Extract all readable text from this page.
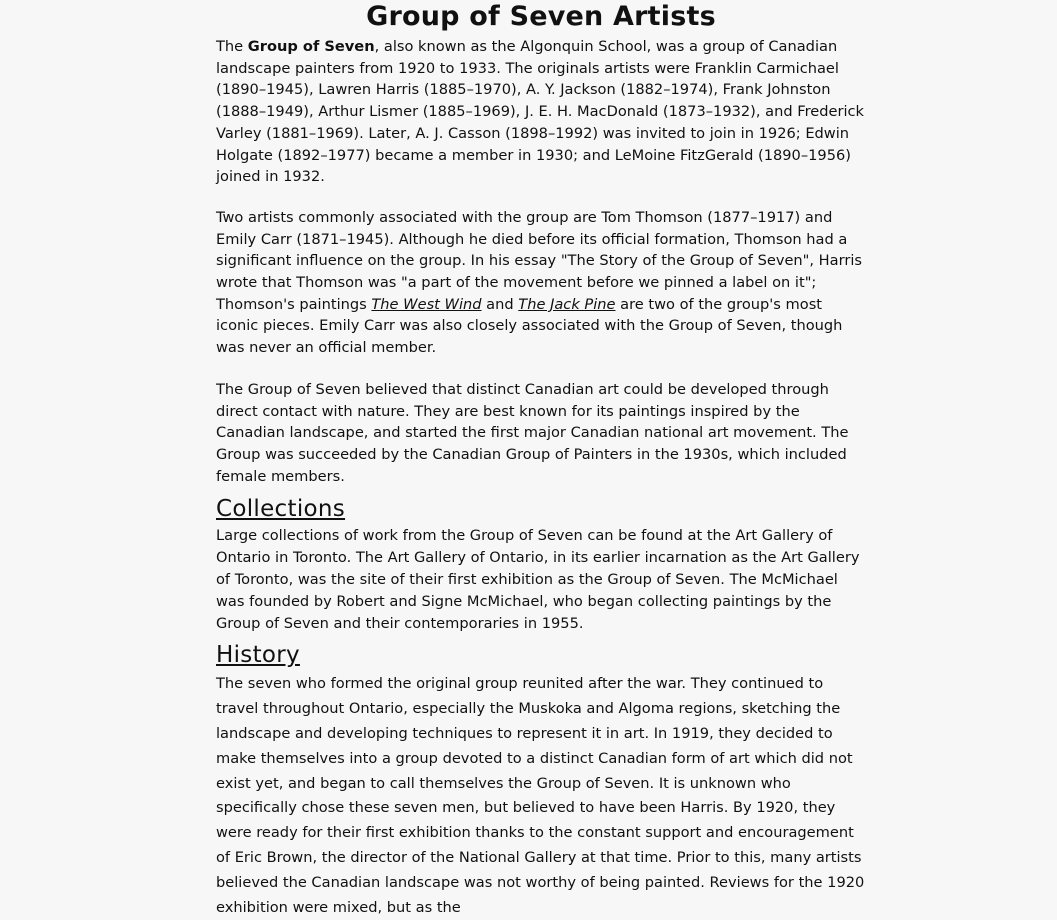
Group of Seven Artists

The Group of Seven, also known as the Algonquin School, was a group of Canadian landscape painters from 1920 to 1933. The originals artists were Franklin Carmichael (1890–1945), Lawren Harris (1885–1970), A. Y. Jackson (1882–1974), Frank Johnston (1888–1949), Arthur Lismer (1885–1969), J. E. H. MacDonald (1873–1932), and Frederick Varley (1881–1969). Later, A. J. Casson (1898–1992) was invited to join in 1926; Edwin Holgate (1892–1977) became a member in 1930; and LeMoine FitzGerald (1890–1956) joined in 1932.

Two artists commonly associated with the group are Tom Thomson (1877–1917) and Emily Carr (1871–1945). Although he died before its official formation, Thomson had a significant influence on the group. In his essay "The Story of the Group of Seven", Harris wrote that Thomson was "a part of the movement before we pinned a label on it"; Thomson's paintings The West Wind and The Jack Pine are two of the group's most iconic pieces. Emily Carr was also closely associated with the Group of Seven, though was never an official member.

The Group of Seven believed that distinct Canadian art could be developed through direct contact with nature. They are best known for its paintings inspired by the Canadian landscape, and started the first major Canadian national art movement. The Group was succeeded by the Canadian Group of Painters in the 1930s, which included female members.

Collections

Large collections of work from the Group of Seven can be found at the Art Gallery of Ontario in Toronto. The Art Gallery of Ontario, in its earlier incarnation as the Art Gallery of Toronto, was the site of their first exhibition as the Group of Seven. The McMichael was founded by Robert and Signe McMichael, who began collecting paintings by the Group of Seven and their contemporaries in 1955.

History

The seven who formed the original group reunited after the war. They continued to travel throughout Ontario, especially the Muskoka and Algoma regions, sketching the landscape and developing techniques to represent it in art. In 1919, they decided to make themselves into a group devoted to a distinct Canadian form of art which did not exist yet, and began to call themselves the Group of Seven. It is unknown who specifically chose these seven men, but believed to have been Harris. By 1920, they were ready for their first exhibition thanks to the constant support and encouragement of Eric Brown, the director of the National Gallery at that time. Prior to this, many artists believed the Canadian landscape was not worthy of being painted. Reviews for the 1920 exhibition were mixed, but as the
